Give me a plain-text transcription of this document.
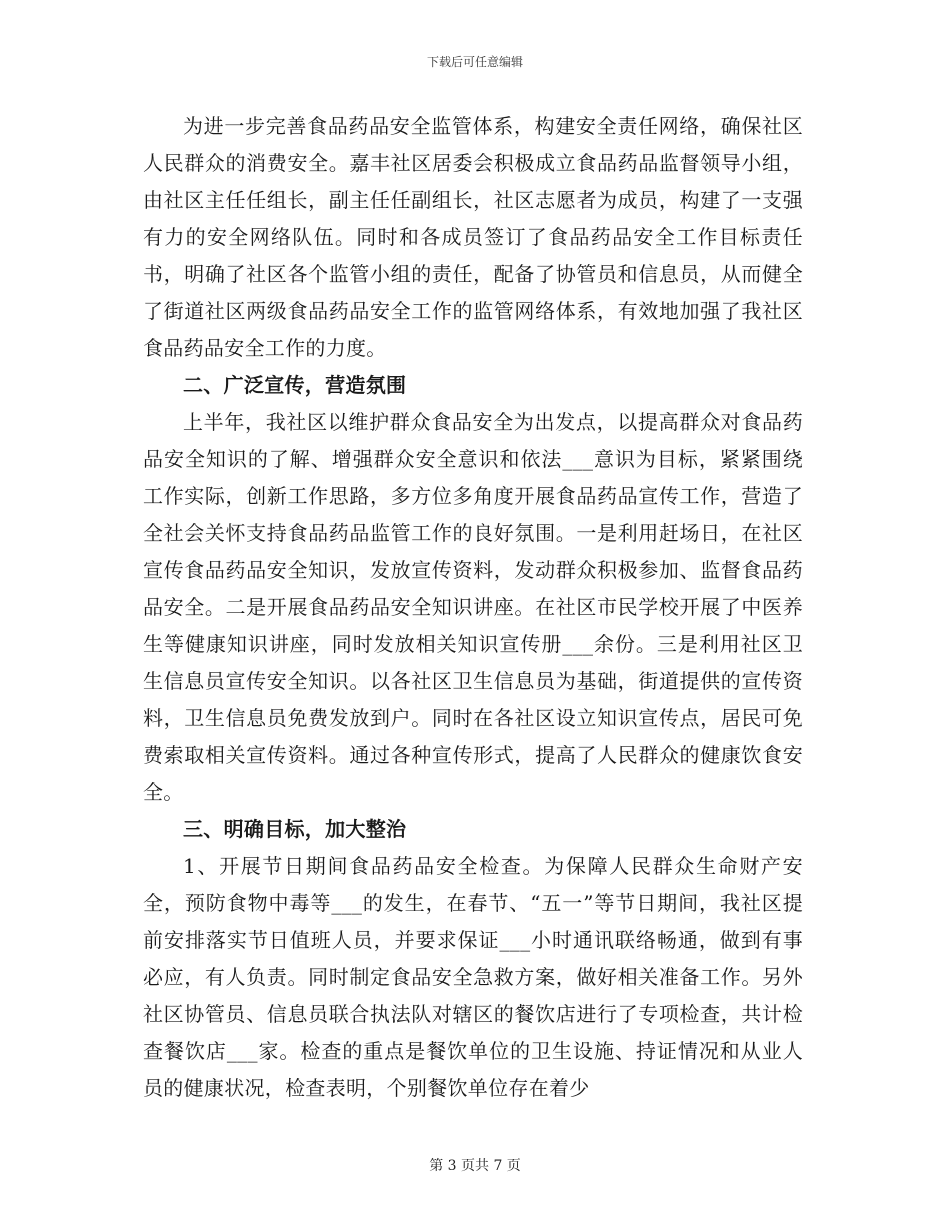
下载后可任意编辑

为进一步完善食品药品安全监管体系，构建安全责任网络，确保社区人民群众的消费安全。嘉丰社区居委会积极成立食品药品监督领导小组，由社区主任任组长，副主任任副组长，社区志愿者为成员，构建了一支强有力的安全网络队伍。同时和各成员签订了食品药品安全工作目标责任书，明确了社区各个监管小组的责任，配备了协管员和信息员，从而健全了街道社区两级食品药品安全工作的监管网络体系，有效地加强了我社区食品药品安全工作的力度。

二、广泛宣传，营造氛围

上半年，我社区以维护群众食品安全为出发点，以提高群众对食品药品安全知识的了解、增强群众安全意识和依法___意识为目标，紧紧围绕工作实际，创新工作思路，多方位多角度开展食品药品宣传工作，营造了全社会关怀支持食品药品监管工作的良好氛围。一是利用赶场日，在社区宣传食品药品安全知识，发放宣传资料，发动群众积极参加、监督食品药品安全。二是开展食品药品安全知识讲座。在社区市民学校开展了中医养生等健康知识讲座，同时发放相关知识宣传册___余份。三是利用社区卫生信息员宣传安全知识。以各社区卫生信息员为基础，街道提供的宣传资料，卫生信息员免费发放到户。同时在各社区设立知识宣传点，居民可免费索取相关宣传资料。通过各种宣传形式，提高了人民群众的健康饮食安全。

三、明确目标，加大整治

1、开展节日期间食品药品安全检查。为保障人民群众生命财产安全，预防食物中毒等___的发生，在春节、“五一”等节日期间，我社区提前安排落实节日值班人员，并要求保证___小时通讯联络畅通，做到有事必应，有人负责。同时制定食品安全急救方案，做好相关准备工作。另外社区协管员、信息员联合执法队对辖区的餐饮店进行了专项检查，共计检查餐饮店___家。检查的重点是餐饮单位的卫生设施、持证情况和从业人员的健康状况，检查表明，个别餐饮单位存在着少

第 3 页共 7 页
